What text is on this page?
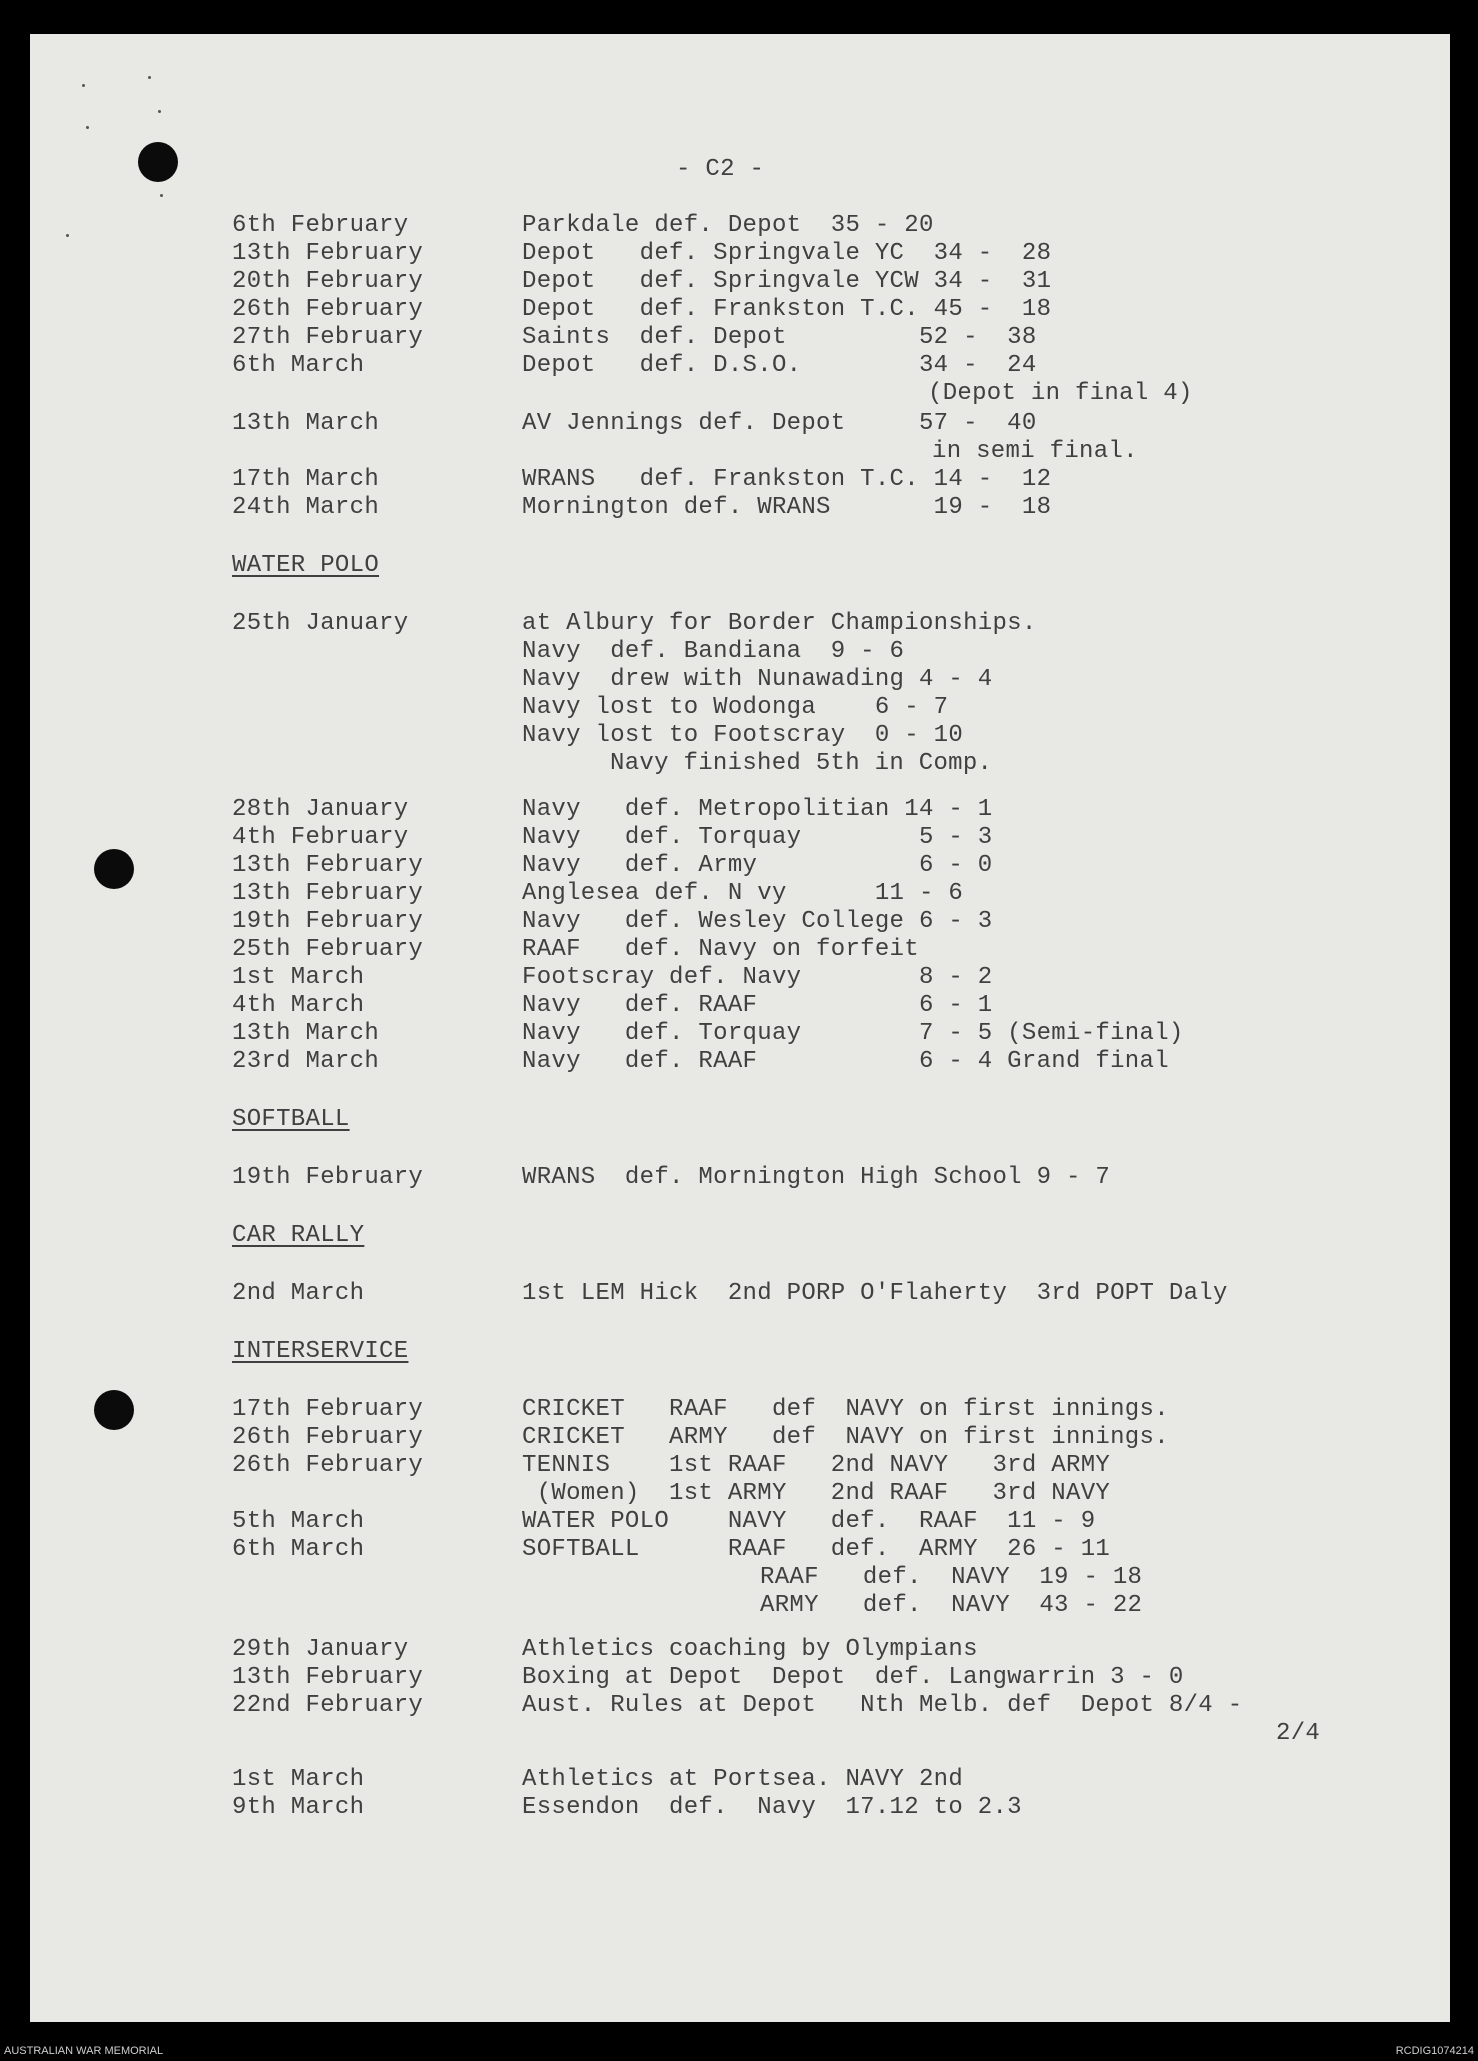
- C2 -
6th February	Parkdale def. Depot  35 - 20
13th February	Depot   def. Springvale YC  34 -  28
20th February	Depot   def. Springvale YCW 34 -  31
26th February	Depot   def. Frankston T.C. 45 -  18
27th February	Saints  def. Depot         52 -  38
6th March	Depot   def. D.S.O.        34 -  24
(Depot in final 4)
13th March	AV Jennings def. Depot     57 -  40
in semi final.
17th March	WRANS   def. Frankston T.C. 14 -  12
24th March	Mornington def. WRANS       19 -  18
WATER POLO
25th January	at Albury for Border Championships.
Navy  def. Bandiana  9 - 6
Navy  drew with Nunawading 4 - 4
Navy lost to Wodonga    6 - 7
Navy lost to Footscray  0 - 10
Navy finished 5th in Comp.
28th January	Navy   def. Metropolitian 14 - 1
4th February	Navy   def. Torquay        5 - 3
13th February	Navy   def. Army           6 - 0
13th February	Anglesea def. N vy      11 - 6
19th February	Navy   def. Wesley College 6 - 3
25th February	RAAF   def. Navy on forfeit
1st March	Footscray def. Navy        8 - 2
4th March	Navy   def. RAAF           6 - 1
13th March	Navy   def. Torquay        7 - 5 (Semi-final)
23rd March	Navy   def. RAAF           6 - 4 Grand final
SOFTBALL
19th February	WRANS  def. Mornington High School 9 - 7
CAR RALLY
2nd March	1st LEM Hick  2nd PORP O'Flaherty  3rd POPT Daly
INTERSERVICE
17th February	CRICKET   RAAF   def  NAVY on first innings.
26th February	CRICKET   ARMY   def  NAVY on first innings.
26th February	TENNIS    1st RAAF   2nd NAVY   3rd ARMY
(Women)  1st ARMY   2nd RAAF   3rd NAVY
5th March	WATER POLO    NAVY   def.  RAAF  11 - 9
6th March	SOFTBALL      RAAF   def.  ARMY  26 - 11
RAAF   def.  NAVY  19 - 18
ARMY   def.  NAVY  43 - 22
29th January	Athletics coaching by Olympians
13th February	Boxing at Depot  Depot  def. Langwarrin 3 - 0
22nd February	Aust. Rules at Depot   Nth Melb. def  Depot 8/4 -
2/4
1st March	Athletics at Portsea. NAVY 2nd
9th March	Essendon  def.  Navy  17.12 to 2.3
AUSTRALIAN WAR MEMORIAL	RCDIG1074214
